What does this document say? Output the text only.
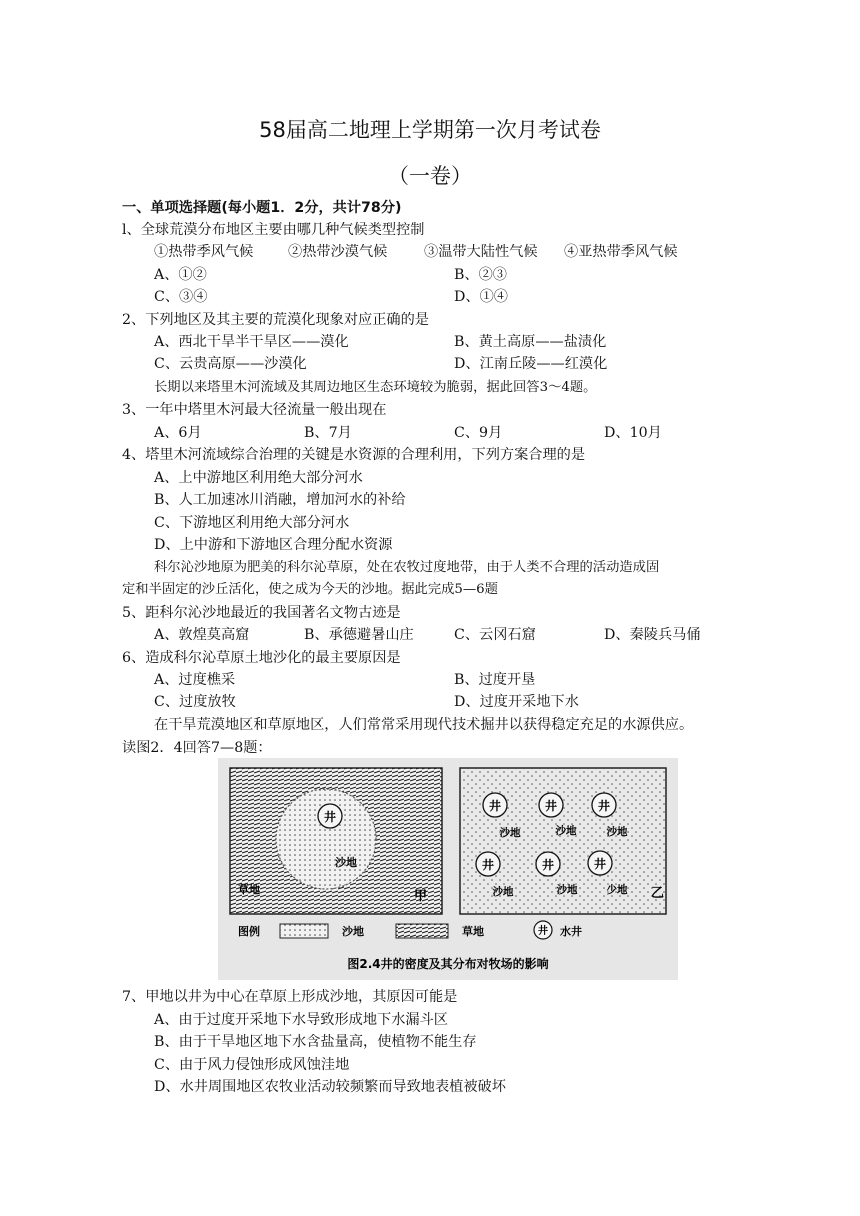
58届高二地理上学期第一次月考试卷
（一卷）
一、单项选择题(每小题1．2分，共计78分)
l、全球荒漠分布地区主要由哪几种气候类型控制
①热带季风气候 ②热带沙漠气候	③温带大陆性气候 ④亚热带季风气候
A、①②	B、②③
C、③④	D、①④
2、下列地区及其主要的荒漠化现象对应正确的是
A、西北干旱半干旱区——漠化	B、黄土高原——盐渍化
C、云贵高原——沙漠化	D、江南丘陵——红漠化
长期以来塔里木河流域及其周边地区生态环境较为脆弱，据此回答3～4题。
3、一年中塔里木河最大径流量一般出现在
A、6月	B、7月	C、9月	D、10月
4、塔里木河流域综合治理的关键是水资源的合理利用，下列方案合理的是
A、上中游地区利用绝大部分河水
B、人工加速冰川消融，增加河水的补给
C、下游地区利用绝大部分河水
D、上中游和下游地区合理分配水资源
科尔沁沙地原为肥美的科尔沁草原，处在农牧过度地带，由于人类不合理的活动造成固
定和半固定的沙丘活化，使之成为今天的沙地。据此完成5—6题
5、距科尔沁沙地最近的我国著名文物古迹是
A、敦煌莫高窟	B、承德避暑山庄	C、云冈石窟	D、秦陵兵马俑
6、造成科尔沁草原土地沙化的最主要原因是
A、过度樵采	B、过度开垦
C、过度放牧	D、过度开采地下水
在干旱荒漠地区和草原地区，人们常常采用现代技术掘井以获得稳定充足的水源供应。
读图2．4回答7—8题：
井
沙地
草地	甲
井
沙地
井
沙地
井
沙地
井
沙地
井
沙地
井
少地 乙
图例	沙地	草地	井 水井
图2.4井的密度及其分布对牧场的影响
7、甲地以井为中心在草原上形成沙地，其原因可能是
A、由于过度开采地下水导致形成地下水漏斗区
B、由于干旱地区地下水含盐量高，使植物不能生存
C、由于风力侵蚀形成风蚀洼地
D、水井周围地区农牧业活动较频繁而导致地表植被破坏
